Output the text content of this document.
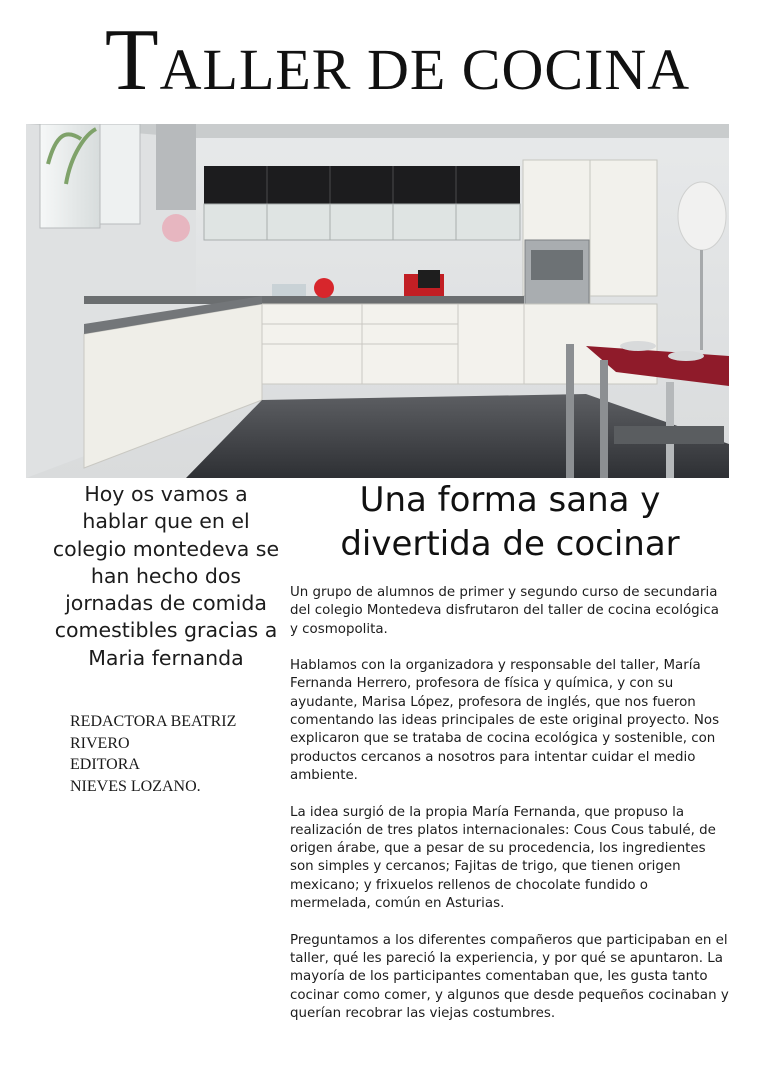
TALLER DE COCINA
Hoy os vamos a hablar que en el colegio montedeva se han hecho dos jornadas de comida comestibles gracias a Maria fernanda
REDACTORA BEATRIZ
RIVERO
EDITORA
NIEVES LOZANO.
Una forma sana y divertida de cocinar

Un grupo de alumnos de primer y segundo curso de secundaria del colegio Montedeva disfrutaron del taller de cocina ecológica y cosmopolita.

Hablamos con la organizadora y responsable del taller, María Fernanda Herrero, profesora de física y química, y con su ayudante, Marisa López, profesora de inglés, que nos fueron comentando las ideas principales de este original proyecto. Nos explicaron que se trataba de cocina ecológica y sostenible, con productos cercanos a nosotros para intentar cuidar el medio ambiente.

La idea surgió de la propia María Fernanda, que propuso la realización de tres platos internacionales: Cous Cous tabulé, de origen árabe, que a pesar de su procedencia, los ingredientes son simples y cercanos; Fajitas de trigo, que tienen origen mexicano; y frixuelos rellenos de chocolate fundido o mermelada, común en Asturias.

Preguntamos a los diferentes compañeros que participaban en el taller, qué les pareció la experiencia, y por qué se apuntaron. La mayoría de los participantes comentaban que, les gusta tanto cocinar como comer, y algunos que desde pequeños cocinaban y querían recobrar las viejas costumbres.
